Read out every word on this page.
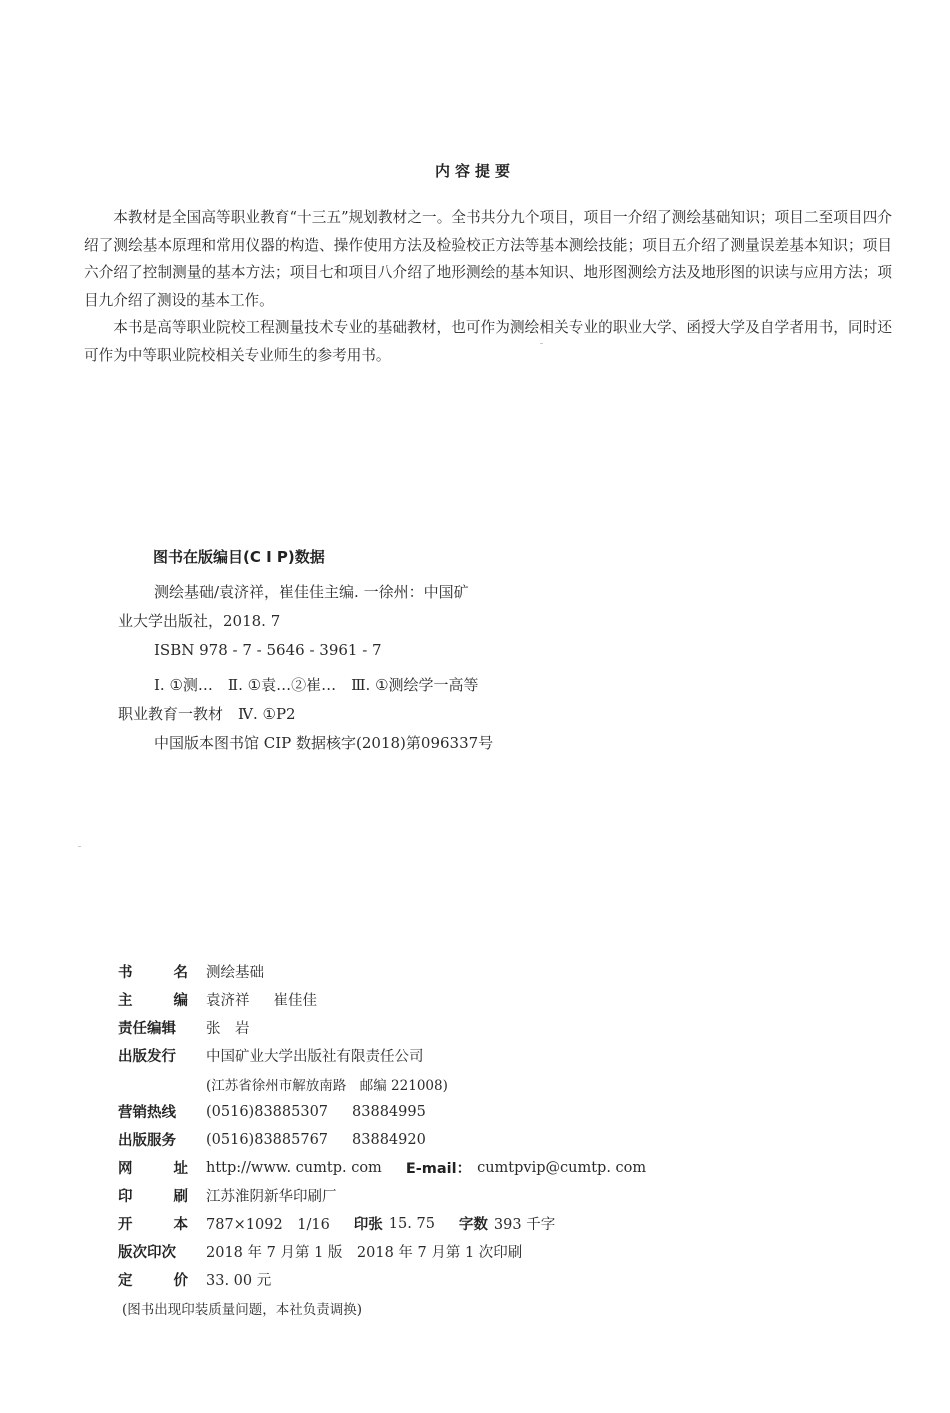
内容提要

本教材是全国高等职业教育“十三五”规划教材之一。全书共分九个项目，项目一介绍了测绘基础知识；项目二至项目四介绍了测绘基本原理和常用仪器的构造、操作使用方法及检验校正方法等基本测绘技能；项目五介绍了测量误差基本知识；项目六介绍了控制测量的基本方法；项目七和项目八介绍了地形测绘的基本知识、地形图测绘方法及地形图的识读与应用方法；项目九介绍了测设的基本工作。

本书是高等职业院校工程测量技术专业的基础教材，也可作为测绘相关专业的职业大学、函授大学及自学者用书，同时还可作为中等职业院校相关专业师生的参考用书。

图书在版编目(C I P)数据

测绘基础/袁济祥，崔佳佳主编. 一徐州：中国矿

业大学出版社，2018. 7

ISBN 978 - 7 - 5646 - 3961 - 7

Ⅰ. ①测…　Ⅱ. ①袁…②崔…　Ⅲ. ①测绘学一高等

职业教育一教材　Ⅳ. ①P2

中国版本图书馆 CIP 数据核字(2018)第096337号

书	名 测绘基础
主	编 袁济祥 崔佳佳
责任编辑	张　岩
出版发行	中国矿业大学出版社有限责任公司
(江苏省徐州市解放南路　邮编 221008)
营销热线	(0516)83885307 83884995
出版服务	(0516)83885767 83884920
网	址 http://www. cumtp. com E-mail： cumtpvip@cumtp. com
印	刷 江苏淮阴新华印刷厂
开	本 787×1092　1/16 印张 15. 75 字数 393 千字
版次印次	2018 年 7 月第 1 版　2018 年 7 月第 1 次印刷
定	价 33. 00 元
(图书出现印装质量问题，本社负责调换)
